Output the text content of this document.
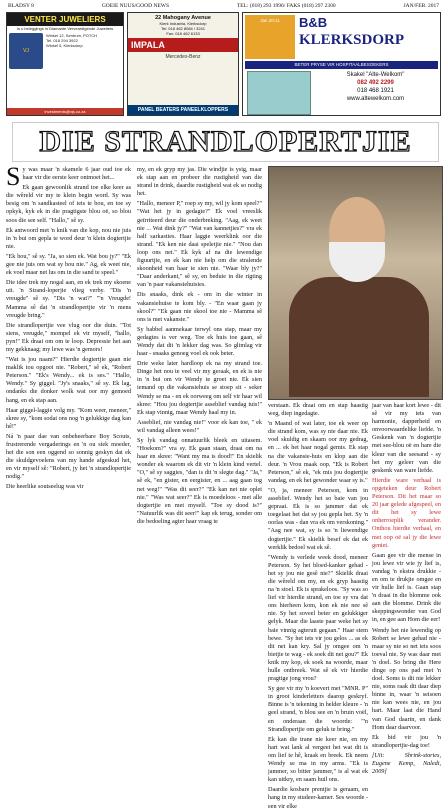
BLADSY 8	GOEIE NUUS/GOOD NEWS	TEL: (018) 293 1996/ FAKS (018) 297 2300	JAN/FEB. 2017
VENTER JUWELIERS
Is u beleggings in Diamante Verveardigende Juweliers
VJ
Winkel 12, Sentrum, POTCH
Tel. 018 294 3922
Winkel 5, Klerksdorp
investments@vjs.co.za
22 Mahogany Avenue
Klerk Industria, Klerksdorp
Tel: 018 462 8084 / 3241
Fax: 018 462 6133
IMPALA
Mercedes-Benz
PANEL BEATERS PANEELKLOPPERS
Jan 20:11	B&B
KLERKSDORP
BETER PRYSE VIR HOSPITAALBESOEKERS
Skakel "Alte-Welkom"
082 492 2299
018 468 1921
www.altewelkom.com
DIE STRANDLOPERTJIE
S y was maar 'n skamele 6 jaar oud toe ek haar vir die eerste keer ontmoet het...

Ek gaan gewoonlik strand toe elke keer as die wêreld vir my te klein begin word. Sy was besig om 'n sandkasteel of iets te bou, en toe sy opkyk, kyk ek in die pragtigste blou oë, so blou soos die see self. "Hallo," sê sy.

Ek antwoord met 'n knik van die kop, nou nie juis in 'n bui om gepla te word deur 'n klein dogtertjie nie.

"Ek bou," sê sy. "Ja, so sien ek. Wat bou jy?" "Ek gee nie juis om wat sy bou nie." Ag, ek weet nie, ek voel maar net lus om in die sand te speel."

Die idee trek my nogal aan, en ek trek my skoene uit. 'n Strand-loperjie vlieg verby. "Dis 'n vreugde" sê sy. "Dis 'n wat?" "'n Vreugde! Mamma sê dat 'n strandlopertjie vir 'n mens vreugde bring."

Die strandlopertjie vee vlug oor die duin. "Tot siens, vreugde," mompel ek vir myself, "hallo, pyn!" Ek draai om om te loop. Depressie het aan my gekknaag; my lewe was 'n gemors!

"Wat is jou naam?" Hierdie dogtertjie gaan nie maklik tou opgooi nie. "Robert," sê ek, "Robert Peterson." "Ek's Wendy... ek is ses." "Hallo, Wendy." Sy giggel. "Jy's snaaks," sê sy. Ek lag, ondanks die donker wolk wat oor my gemoed hang, en ek stap aan.

Haar giggel-laggie volg my. "Kom weer, meneer," skree sy, "kom sodat ons nog 'n gelukkige dag kan hê!"

Ná 'n paar dae van onbeheerbare Boy Scouts, frustrerende vergaderings en 'n ou siek moeder, het die son een oggend so sonnig geskyn dat ek die skuldgevoelens van my hande afgeskud het, en vir myself sê: "Robert, jy het 'n strandlopertjie nodig."

Die heerlike soutseelug was vir

my, en ek gryp my jas. Die windjie is ysig, maar ek stap aan en probeer die rustigheid van die strand in drink, daardie rustigheid wat ek so nodig het.

"Hallo, meneer P," roep sy my, wil jy kom speel?" "Wat het jy in gedagte?" Ek voel vreeslik geïrriteerd deur die onderbreking. "Aag, ek weet nie ... Wat dink jy?" "Wat van kannetjies?" vra ek half sarkasties. Haar laggie weerklink oor die strand. "Ek ken nie daai speletjie nie." "Nou dan loop ons net." Ek kyk af na die lewendige figuurtjie, en ek kan nie help om die stralende skoonheid van haar te sien nie. "Waar bly jy?" "Daar anderkant," sê sy, en beduie in die rigting van 'n paar vakansiehuisies.

Dis snaaks, dink ek - om in die winter in vakansiehuise te kom bly. - "En waar gaan jy skool?" "Ek gaan nie skool toe nie - Mamma sê ons is met vakansie."

Sy babbel aanmekaar terwyl ons stap, maar my gedagtes is ver weg. Toe ek huis toe gaan, sê Wendy dat dit 'n lekker dag was. So glimlag vir haar - snaaks genoeg voel ek ook beter.

Drie weke later hardloop ek na my strand toe. Dinge het nou te veel vir my geraak, en ek is nie in 'n bui om vir Wendy te groet nie. Ek sien iemand op die vakansiehuis se stoep sit - seker Wendy se ma - en ek oorweeg om self vir haar wil skree: "Hou jou dogtertjie asseblief vandag tuis!" Ek stap vinnig, maar Wendy haal my in.

Asseblief, nie vandag nie!" voor ek kan toe, " ek wil vandag alleen wees!"

Sy lyk vandag onnatuurlik bleek en uitasem. "Hoekom?" vra sy. Ek gaan staan, draai om na haar en skree: "Want my ma is dood!" En skielik wonder ek waarom ek dit vir 'n klein kind vertel. "O," sê sy saggies, "dan is dit 'n slegte dag." "Ja," sê ek, "en gister, en eergister, en ... aag gaan tog net weg!" "Was dit seer?" "Ek kan net nie oplet nie." "Was wat seer?" Ek is moedeloos - met alle dogtertjie en met myself. "Toe sy dood is?" "Natuurlik was dit seer!" kap ek terug, sonder om die bedoeling agter haar vraag te

verstaan. Ek draai om en stap haastig weg, diep ingedagte.

'n Maand of wat later, toe ek weer op die strand kom, was sy nie daar nie. Ek voel skuldig en skaam oor my gedrag, en ... ek het haar nogal gemis. Ek stap na die vakansie-huis en klop aan die deur. 'n Vrou maak oop. "Ek is Robert Peterson," sê ek, "ek mis jou dogtertjie vandag, en ek het gewonder waar sy is."

"O, ja, meneer Peterson, kom in asseblief. Wendy het so baie van jou gepraat. Ek is so jammer dat ek toegelaat het dat sy jou gepla het. Sy 'n oorlas was - dan vra ek om verskoning." "Aag nee wat, sy is so 'n liewendige dogtertjie." Ek skielik besef ek dat ek werklik bedoel wat ek sê.

"Wendy is verlede week dood, meneer Peterson. Sy het bloed-kanker gehad - het sy jou nie gesê nie?" Skielik draai die wêreld om my, en ek gryp haastig na 'n stoel. Ek is sprakeloos. "Sy was so lief vir hierdie strand, en toe sy vra dat ons hierheen kom, kon ek nie nee sê nie. Sy het soveel beter en gelukkiger gelyk. Maar die laaste paar weke het sy baie vinnig agteruit gegaan." Haar stem bewe. "Sy het iets vir jou gelos ... as ek dit net kan kry. Sal jy omgee om 'n bietjie te wag - ek soek dit net gou?" Ek knik my kop, ek soek na woorde, maar hulle ontbreek. Wat sê ek vir hierdie pragtige jong vrou?

Sy gee vir my 'n koevert met "MNR. P" in groot kinderletters daarop geskryf. Binne is 'n tekening in helder kleure - 'n geel strand, 'n blou see en 'n bruin voël, en onderaan die woorde: "'n Strandlopertjie om geluk te bring."

Ek kan die trane nie keer nie, en my hart wat lank al vergeet het wat dit is om lief te hê, kraak en breek. Ek neem Wendy se ma in my arms. "Ek is jammer, so bitter jammer," is al wat ek kan uitkry, en saam huil ons.

Daardie kosbare prentjie is geraam, en hang in my studeer-kamer. Ses woorde - een vir elke

jaar van haar kort lewe - dit sê vir my iets van harmonie, dapperheid en onvoorwaardelike liefde. 'n Geskenk van 'n dogtertjie met see-blou oë en hare die kleur van die seesand - sy het my geleer van die geskenk van ware liefde.

Hierdie ware verhaal is opgeteken deur Robert Peterson. Dit het maar so 20 jaar gelede afgespeel, en dit het sy lewe onherroeplik verander. Onthou hierdie verhaal, en met oop oë sal jy die lewe geniet.

Gaan gee vir die mense in jou lewe vir wie jy lief is, vandag 'n ekstra drukkie - en om te drukjie omgee en vir hulle lief is. Gaan stap 'n draai in die blomme ook aan die blomme. Drink die skeppingswonder van God in, en gee aan Hom die eer!

Wendy het nie lewendig op Robert se lewe gehad nie - maar sy nie so net iets soos toeval nie. Sy was daar met 'n doel. So bring die Here dinge op ons pad met 'n doel. Soms is dit nie lekker nie, soms raak dit daar diep binne in, waar 'n seisoen nie kan wees nie, en jou hart. Maar laat die Hand van God daarin, en dank Hom daar daarvoor.

Ek bid vir jou 'n strandlopertjie-dag toe!

[Uit: Shrink-stories, Eugene Kemp, Naledi, 2009]
